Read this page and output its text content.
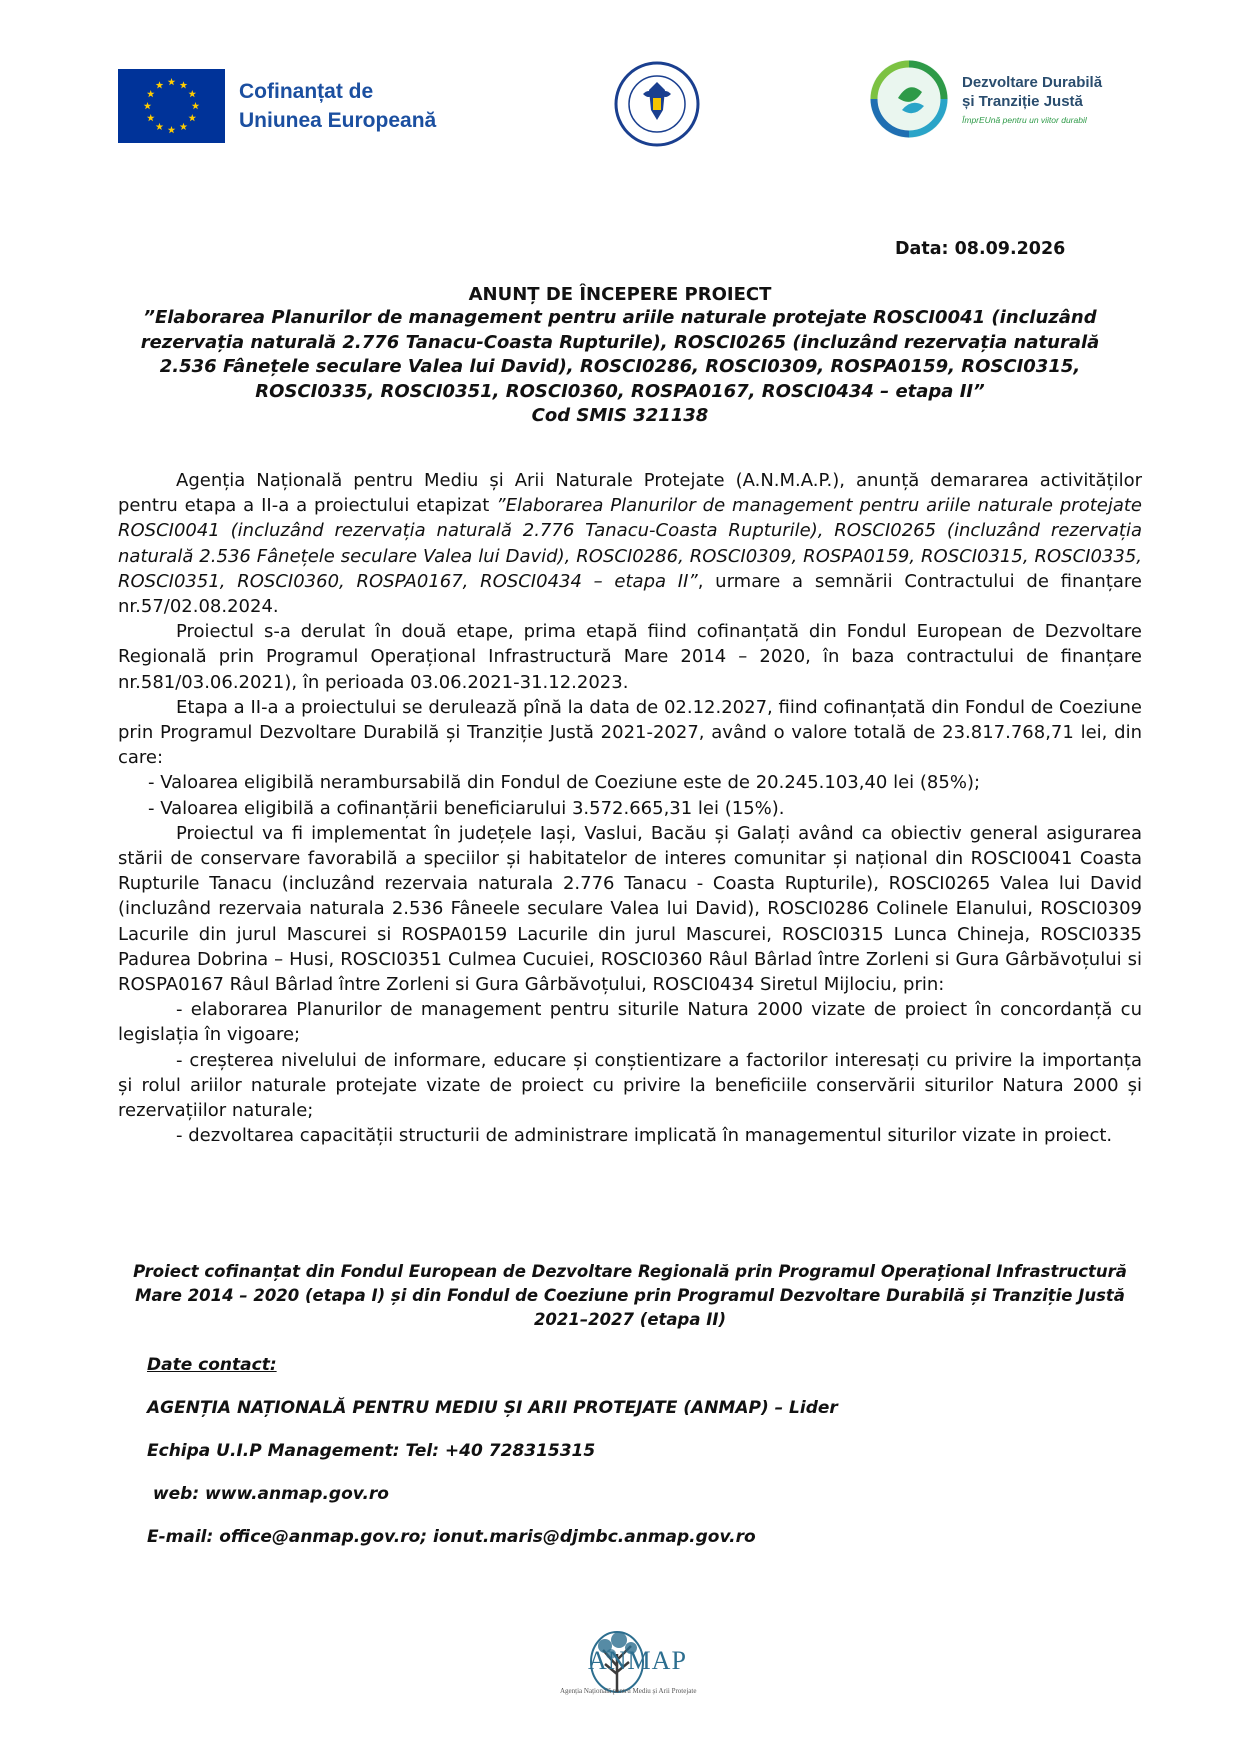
Cofinanțat de
Uniunea Europeană
Dezvoltare Durabilă
și Tranziție Justă
ÎmprEUnă pentru un viitor durabil
Data: 08.09.2026
ANUNȚ DE ÎNCEPERE PROIECT
”Elaborarea Planurilor de management pentru ariile naturale protejate ROSCI0041 (incluzând rezervația naturală 2.776 Tanacu-Coasta Rupturile), ROSCI0265 (incluzând rezervația naturală 2.536 Fânețele seculare Valea lui David), ROSCI0286, ROSCI0309, ROSPA0159, ROSCI0315, ROSCI0335, ROSCI0351, ROSCI0360, ROSPA0167, ROSCI0434 – etapa II”
Cod SMIS 321138

Agenția Națională pentru Mediu și Arii Naturale Protejate (A.N.M.A.P.), anunță demararea activităților pentru etapa a II-a a proiectului etapizat ”Elaborarea Planurilor de management pentru ariile naturale protejate ROSCI0041 (incluzând rezervația naturală 2.776 Tanacu-Coasta Rupturile), ROSCI0265 (incluzând rezervația naturală 2.536 Fânețele seculare Valea lui David), ROSCI0286, ROSCI0309, ROSPA0159, ROSCI0315, ROSCI0335, ROSCI0351, ROSCI0360, ROSPA0167, ROSCI0434 – etapa II”, urmare a semnării Contractului de finanțare nr.57/02.08.2024.

Proiectul s-a derulat în două etape, prima etapă fiind cofinanțată din Fondul European de Dezvoltare Regională prin Programul Operațional Infrastructură Mare 2014 – 2020, în baza contractului de finanțare nr.581/03.06.2021), în perioada 03.06.2021-31.12.2023.

Etapa a II-a a proiectului se derulează pînă la data de 02.12.2027, fiind cofinanțată din Fondul de Coeziune prin Programul Dezvoltare Durabilă și Tranziție Justă 2021-2027, având o valore totală de 23.817.768,71 lei, din care:

- Valoarea eligibilă nerambursabilă din Fondul de Coeziune este de 20.245.103,40 lei (85%);

- Valoarea eligibilă a cofinanțării beneficiarului 3.572.665,31 lei (15%).

Proiectul va fi implementat în județele Iași, Vaslui, Bacău și Galați având ca obiectiv general asigurarea stării de conservare favorabilă a speciilor și habitatelor de interes comunitar și național din ROSCI0041 Coasta Rupturile Tanacu (incluzând rezervaia naturala 2.776 Tanacu - Coasta Rupturile), ROSCI0265 Valea lui David (incluzând rezervaia naturala 2.536 Fâneele seculare Valea lui David), ROSCI0286 Colinele Elanului, ROSCI0309 Lacurile din jurul Mascurei si ROSPA0159 Lacurile din jurul Mascurei, ROSCI0315 Lunca Chineja, ROSCI0335 Padurea Dobrina – Husi, ROSCI0351 Culmea Cucuiei, ROSCI0360 Râul Bârlad între Zorleni si Gura Gârbăvoțului si ROSPA0167 Râul Bârlad între Zorleni si Gura Gârbăvoțului, ROSCI0434 Siretul Mijlociu, prin:

- elaborarea Planurilor de management pentru siturile Natura 2000 vizate de proiect în concordanță cu legislația în vigoare;

- creșterea nivelului de informare, educare și conștientizare a factorilor interesați cu privire la importanța și rolul ariilor naturale protejate vizate de proiect cu privire la beneficiile conservării siturilor Natura 2000 și rezervațiilor naturale;

- dezvoltarea capacității structurii de administrare implicată în managementul siturilor vizate in proiect.

Proiect cofinanțat din Fondul European de Dezvoltare Regională prin Programul Operațional Infrastructură Mare 2014 – 2020 (etapa I) și din Fondul de Coeziune prin Programul Dezvoltare Durabilă și Tranziție Justă 2021–2027 (etapa II)
Date contact:
AGENȚIA NAȚIONALĂ PENTRU MEDIU ȘI ARII PROTEJATE (ANMAP) – Lider
Echipa U.I.P Management: Tel: +40 728315315
web: www.anmap.gov.ro
E-mail: office@anmap.gov.ro; ionut.maris@djmbc.anmap.gov.ro
ANMAP
Agenția Națională pentru Mediu și Arii Protejate
